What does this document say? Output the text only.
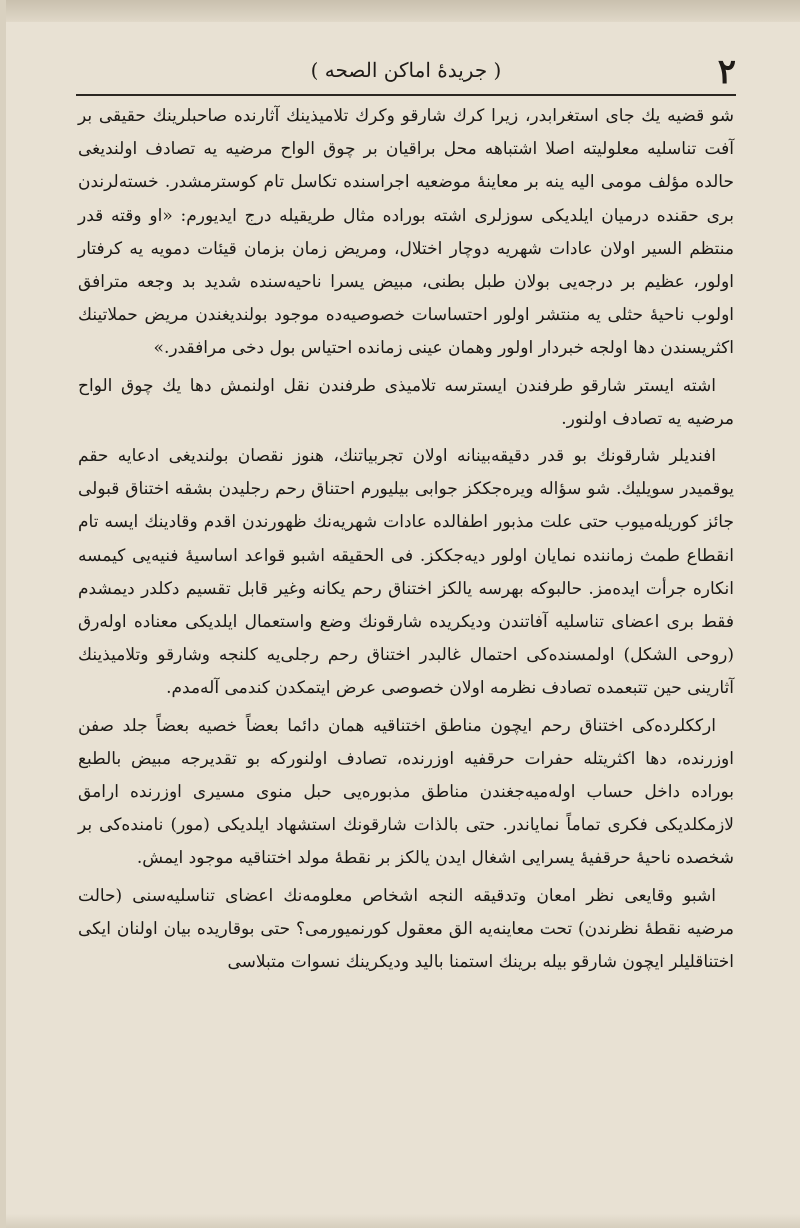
٢
( جریدهٔ اماکن الصحه )

شو قضیه یك جای استغرابدر، زیرا کرك شارقو وکرك تلامیذینك آثارنده صاحبلرینك حقیقی بر آفت تناسلیه معلولیته اصلا اشتباهه محل براقیان بر چوق الواح مرضیه یه تصادف اولندیغی حالده مؤلف مومی الیه ینه بر معاینهٔ موضعیه اجراسنده تکاسل تام کوسترمشدر. خسته‌لرندن بری حقنده درمیان ایلدیکی سوزلری اشته بوراده مثال طریقیله درج ایدیورم: «او وقته قدر منتظم السیر اولان عادات شهریه دوچار اختلال، ومریض زمان بزمان قیئات دمویه یه کرفتار اولور، عظیم بر درجه‌یی بولان طبل بطنی، مبیض یسرا ناحیه‌سنده شدید بد وجعه مترافق اولوب ناحیهٔ حثلی یه منتشر اولور احتساسات خصوصیه‌ده موجود بولندیغندن مریض حملاتینك اکثریسندن دها اولجه خبردار اولور وهمان عینی زمانده احتیاس بول دخی مرافقدر.»

اشته ایستر شارقو طرفندن ایسترسه تلامیذی طرفندن نقل اولنمش دها یك چوق الواح مرضیه یه تصادف اولنور.

افندیلر شارقونك بو قدر دقیقه‌بینانه اولان تجربیاتنك، هنوز نقصان بولندیغی ادعایه حقم یوقمیدر سویلیك. شو سؤاله ویره‌جککز جوابی بیلیورم احتناق رحم رجلیدن بشقه اختناق قبولی جائز کوریله‌میوب حتی علت مذبور اطفالده عادات شهریه‌نك ظهورندن اقدم وقادینك ایسه تام انقطاع طمث زماننده نمایان اولور دیه‌جککز. فی الحقیقه اشبو قواعد اساسیهٔ فنیه‌یی کیمسه انکاره جرأت ایده‌مز. حالبوکه بهرسه یالکز اختناق رحم یکانه وغیر قابل تقسیم دکلدر دیمشدم فقط بری اعضای تناسلیه آفاتندن ودیکریده شارقونك وضع واستعمال ایلدیکی معناده اوله‌رق (روحی الشکل) اولمسنده‌کی احتمال غالبدر اختناق رحم رجلی‌یه کلنجه وشارقو وتلامیذینك آثارینی حین تتبعمده تصادف نظرمه اولان خصوصی عرض ایتمکدن کندمی آله‌مدم.

ارککلرده‌کی اختناق رحم ایچون مناطق اختناقیه همان دائما بعضاً خصیه بعضاً جلد صفن اوزرنده، دها اکثریتله حفرات حرقفیه اوزرنده، تصادف اولنورکه بو تقدیرجه مبیض بالطبع بوراده داخل حساب اوله‌میه‌جغندن مناطق مذبوره‌یی حبل منوی مسیری اوزرنده ارامق لازمکلدیکی فکری تماماً نمایاندر. حتی بالذات شارقونك استشهاد ایلدیکی (مور) نامنده‌کی بر شخصده ناحیهٔ حرقفیهٔ یسرایی اشغال ایدن یالکز بر نقطهٔ مولد اختناقیه موجود ایمش.

اشبو وقایعی نظر امعان وتدقیقه النجه اشخاص معلومه‌نك اعضای تناسلیه‌سنی (حالت مرضیه نقطهٔ نظرندن) تحت معاینه‌یه الق معقول کورنمیورمی؟ حتی بوقاریده بیان اولنان ایکی اختناقلیلر ایچون شارقو بیله برینك استمنا بالید ودیکرینك نسوات متبلاسی
